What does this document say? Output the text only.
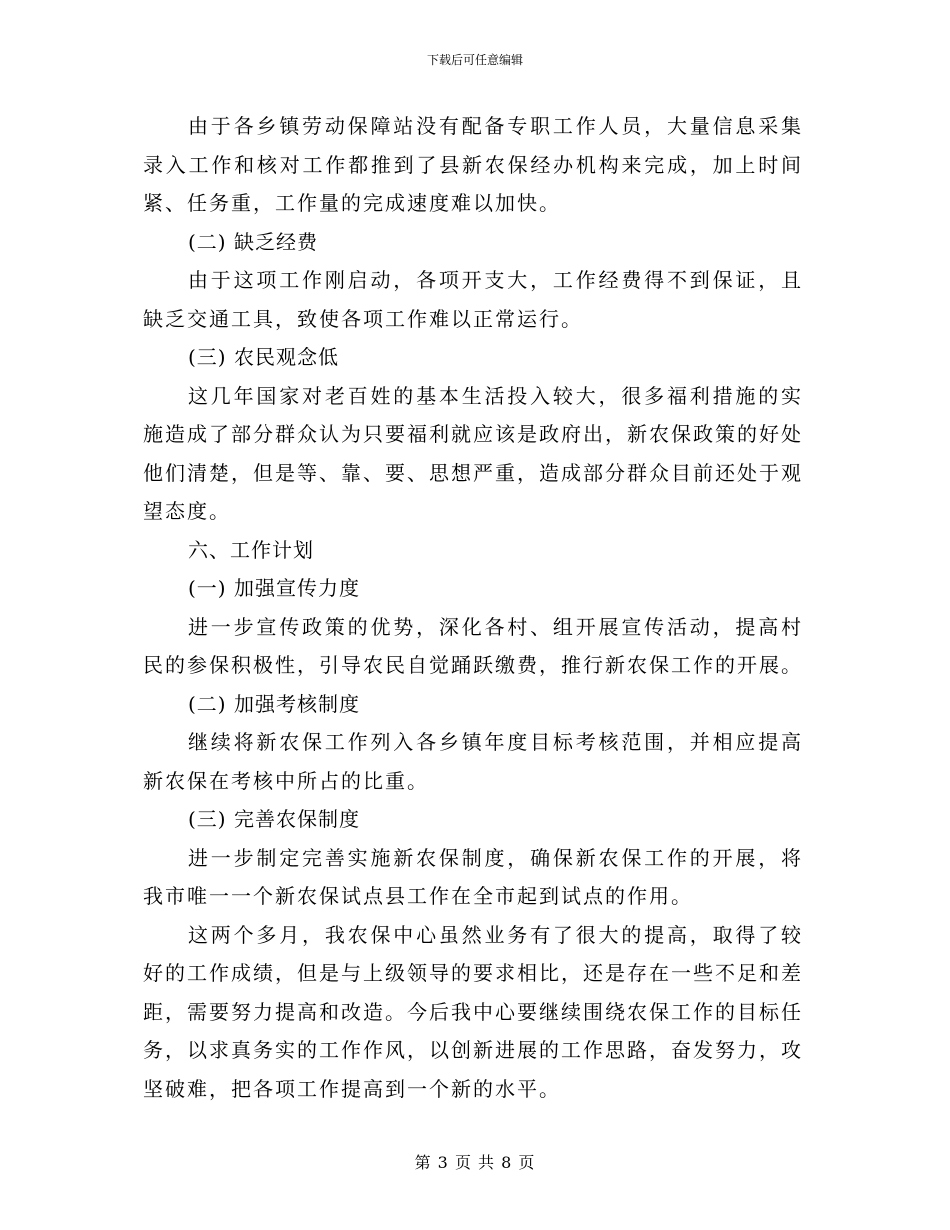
下载后可任意编辑

由于各乡镇劳动保障站没有配备专职工作人员，大量信息采集录入工作和核对工作都推到了县新农保经办机构来完成，加上时间紧、任务重，工作量的完成速度难以加快。

(二) 缺乏经费

由于这项工作刚启动，各项开支大，工作经费得不到保证，且缺乏交通工具，致使各项工作难以正常运行。

(三) 农民观念低

这几年国家对老百姓的基本生活投入较大，很多福利措施的实施造成了部分群众认为只要福利就应该是政府出，新农保政策的好处他们清楚，但是等、靠、要、思想严重，造成部分群众目前还处于观望态度。

六、工作计划

(一) 加强宣传力度

进一步宣传政策的优势，深化各村、组开展宣传活动，提高村民的参保积极性，引导农民自觉踊跃缴费，推行新农保工作的开展。

(二) 加强考核制度

继续将新农保工作列入各乡镇年度目标考核范围，并相应提高新农保在考核中所占的比重。

(三) 完善农保制度

进一步制定完善实施新农保制度，确保新农保工作的开展，将我市唯一一个新农保试点县工作在全市起到试点的作用。

这两个多月，我农保中心虽然业务有了很大的提高，取得了较好的工作成绩，但是与上级领导的要求相比，还是存在一些不足和差距，需要努力提高和改造。今后我中心要继续围绕农保工作的目标任务，以求真务实的工作作风，以创新进展的工作思路，奋发努力，攻坚破难，把各项工作提高到一个新的水平。

第 3 页 共 8 页
